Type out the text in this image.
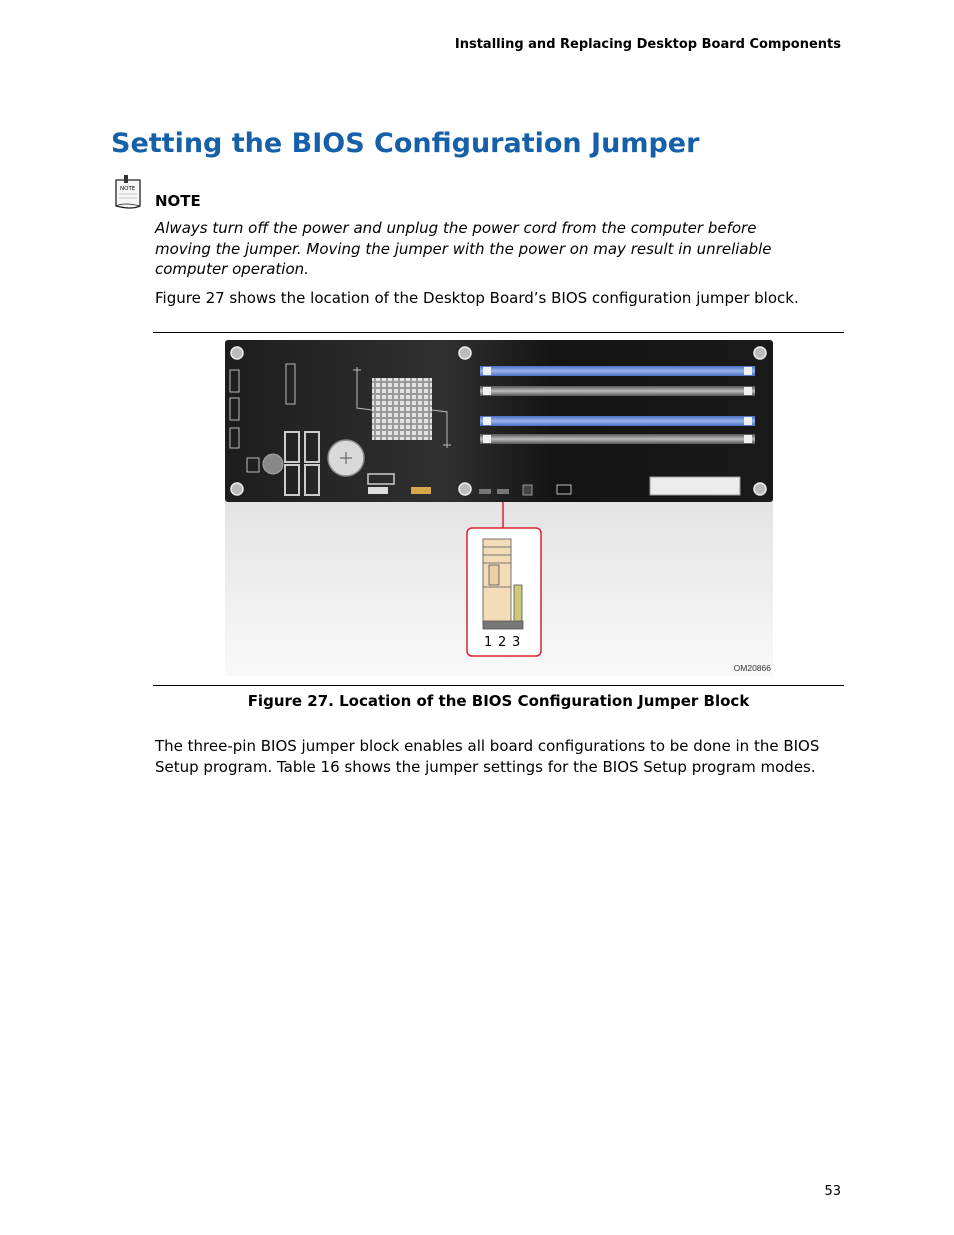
Installing and Replacing Desktop Board Components
Setting the BIOS Configuration Jumper
NOTE
NOTE
Always turn off the power and unplug the power cord from the computer before moving the jumper. Moving the jumper with the power on may result in unreliable computer operation.
Figure 27 shows the location of the Desktop Board’s BIOS configuration jumper block.
1 2 3
OM20866
Figure 27. Location of the BIOS Configuration Jumper Block
The three-pin BIOS jumper block enables all board configurations to be done in the BIOS Setup program. Table 16 shows the jumper settings for the BIOS Setup program modes.
53
